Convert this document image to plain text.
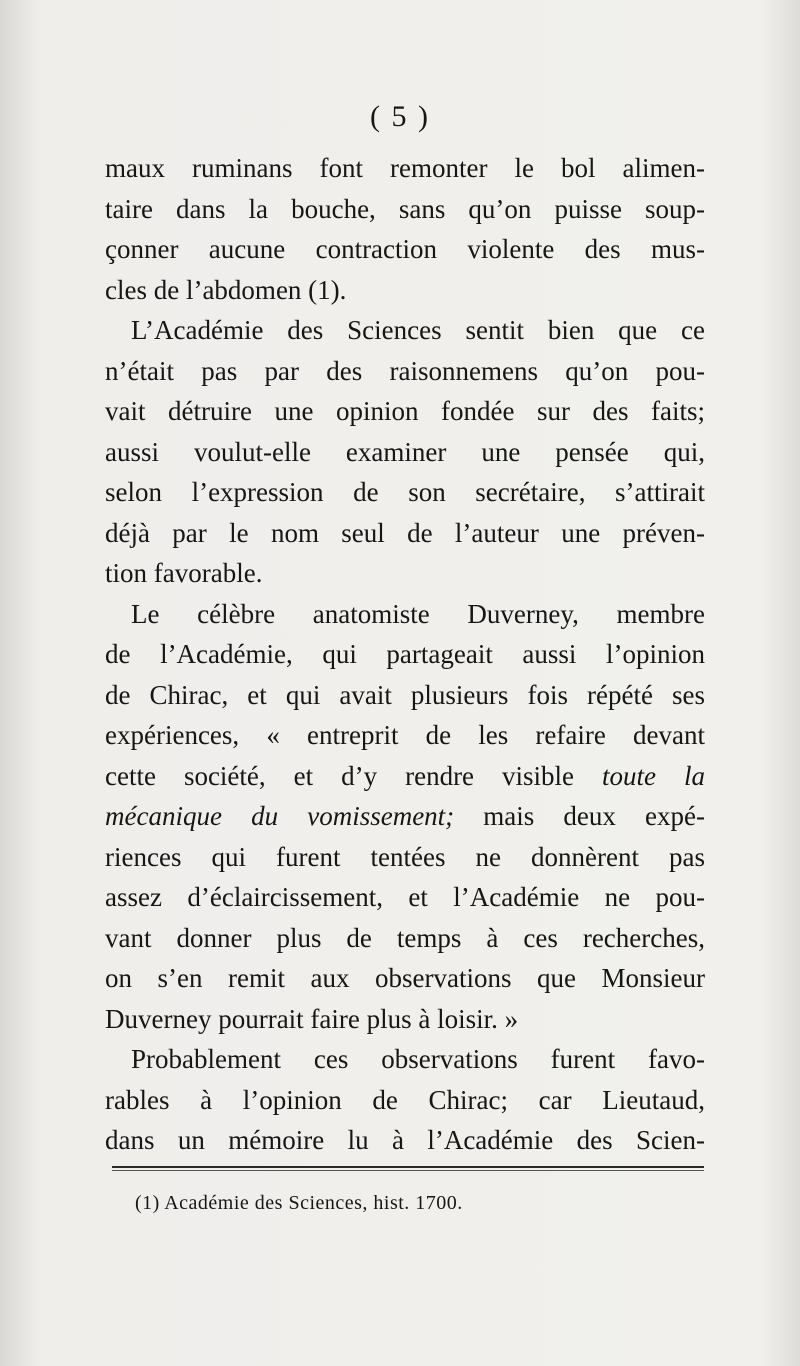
( 5 )
maux ruminans font remonter le bol alimen-
taire dans la bouche, sans qu’on puisse soup-
çonner aucune contraction violente des mus-
cles de l’abdomen (1).
L’Académie des Sciences sentit bien que ce
n’était pas par des raisonnemens qu’on pou-
vait détruire une opinion fondée sur des faits;
aussi voulut-elle examiner une pensée qui,
selon l’expression de son secrétaire, s’attirait
déjà par le nom seul de l’auteur une préven-
tion favorable.
Le célèbre anatomiste Duverney, membre
de l’Académie, qui partageait aussi l’opinion
de Chirac, et qui avait plusieurs fois répété ses
expériences, « entreprit de les refaire devant
cette société, et d’y rendre visible toute la
mécanique du vomissement; mais deux expé-
riences qui furent tentées ne donnèrent pas
assez d’éclaircissement, et l’Académie ne pou-
vant donner plus de temps à ces recherches,
on s’en remit aux observations que Monsieur
Duverney pourrait faire plus à loisir. »
Probablement ces observations furent favo-
rables à l’opinion de Chirac; car Lieutaud,
dans un mémoire lu à l’Académie des Scien-
(1) Académie des Sciences, hist. 1700.
